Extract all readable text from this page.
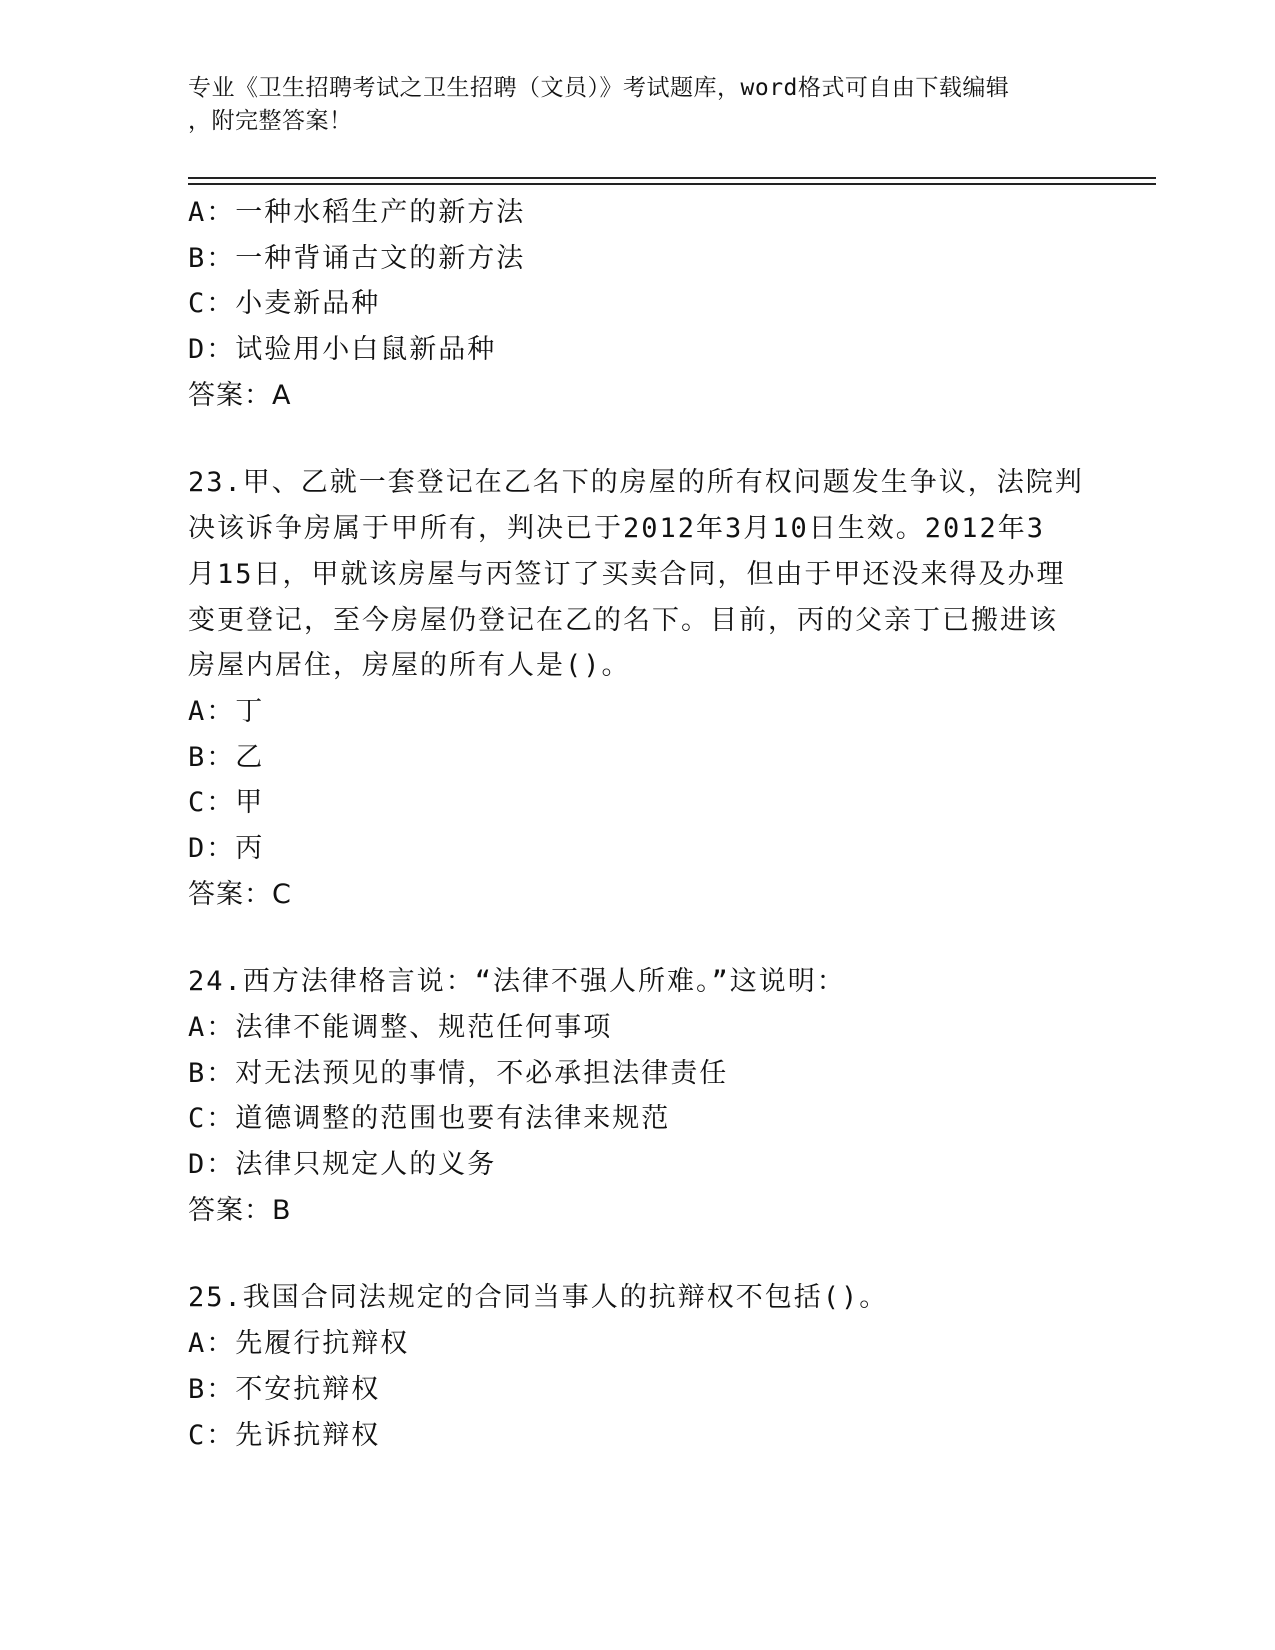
专业《卫生招聘考试之卫生招聘（文员）》考试题库，word格式可自由下载编辑
，附完整答案！
A：一种水稻生产的新方法
B：一种背诵古文的新方法
C：小麦新品种
D：试验用小白鼠新品种
答案：A
23.甲、乙就一套登记在乙名下的房屋的所有权问题发生争议，法院判
决该诉争房属于甲所有，判决已于2012年3月10日生效。2012年3
月15日，甲就该房屋与丙签订了买卖合同，但由于甲还没来得及办理
变更登记，至今房屋仍登记在乙的名下。目前，丙的父亲丁已搬进该
房屋内居住，房屋的所有人是()。
A：丁
B：乙
C：甲
D：丙
答案：C
24.西方法律格言说：“法律不强人所难。”这说明：
A：法律不能调整、规范任何事项
B：对无法预见的事情，不必承担法律责任
C：道德调整的范围也要有法律来规范
D：法律只规定人的义务
答案：B
25.我国合同法规定的合同当事人的抗辩权不包括()。
A：先履行抗辩权
B：不安抗辩权
C：先诉抗辩权
